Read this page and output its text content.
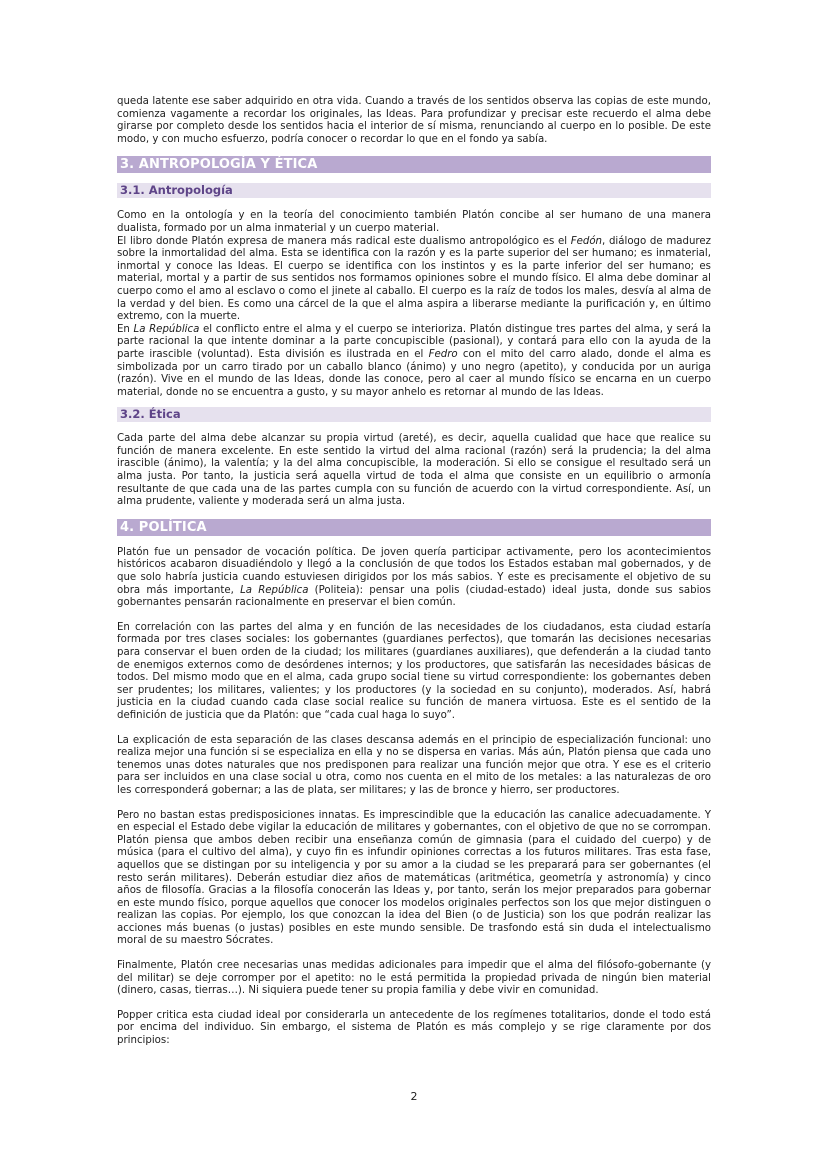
queda latente ese saber adquirido en otra vida. Cuando a través de los sentidos observa las copias de este mundo, comienza vagamente a recordar los originales, las Ideas. Para profundizar y precisar este recuerdo el alma debe girarse por completo desde los sentidos hacia el interior de sí misma, renunciando al cuerpo en lo posible. De este modo, y con mucho esfuerzo, podría conocer o recordar lo que en el fondo ya sabía.

3. ANTROPOLOGÍA Y ÉTICA
3.1. Antropología

Como en la ontología y en la teoría del conocimiento también Platón concibe al ser humano de una manera dualista, formado por un alma inmaterial y un cuerpo material.

El libro donde Platón expresa de manera más radical este dualismo antropológico es el Fedón, diálogo de madurez sobre la inmortalidad del alma. Esta se identifica con la razón y es la parte superior del ser humano; es inmaterial, inmortal y conoce las Ideas. El cuerpo se identifica con los instintos y es la parte inferior del ser humano; es material, mortal y a partir de sus sentidos nos formamos opiniones sobre el mundo físico. El alma debe dominar al cuerpo como el amo al esclavo o como el jinete al caballo. El cuerpo es la raíz de todos los males, desvía al alma de la verdad y del bien. Es como una cárcel de la que el alma aspira a liberarse mediante la purificación y, en último extremo, con la muerte.

En La República el conflicto entre el alma y el cuerpo se interioriza. Platón distingue tres partes del alma, y será la parte racional la que intente dominar a la parte concupiscible (pasional), y contará para ello con la ayuda de la parte irascible (voluntad). Esta división es ilustrada en el Fedro con el mito del carro alado, donde el alma es simbolizada por un carro tirado por un caballo blanco (ánimo) y uno negro (apetito), y conducida por un auriga (razón). Vive en el mundo de las Ideas, donde las conoce, pero al caer al mundo físico se encarna en un cuerpo material, donde no se encuentra a gusto, y su mayor anhelo es retornar al mundo de las Ideas.

3.2. Ética

Cada parte del alma debe alcanzar su propia virtud (areté), es decir, aquella cualidad que hace que realice su función de manera excelente. En este sentido la virtud del alma racional (razón) será la prudencia; la del alma irascible (ánimo), la valentía; y la del alma concupiscible, la moderación. Si ello se consigue el resultado será un alma justa. Por tanto, la justicia será aquella virtud de toda el alma que consiste en un equilibrio o armonía resultante de que cada una de las partes cumpla con su función de acuerdo con la virtud correspondiente. Así, un alma prudente, valiente y moderada será un alma justa.

4. POLÍTICA

Platón fue un pensador de vocación política. De joven quería participar activamente, pero los acontecimientos históricos acabaron disuadiéndolo y llegó a la conclusión de que todos los Estados estaban mal gobernados, y de que solo habría justicia cuando estuviesen dirigidos por los más sabios. Y este es precisamente el objetivo de su obra más importante, La República (Politeia): pensar una polis (ciudad-estado) ideal justa, donde sus sabios gobernantes pensarán racionalmente en preservar el bien común.

En correlación con las partes del alma y en función de las necesidades de los ciudadanos, esta ciudad estaría formada por tres clases sociales: los gobernantes (guardianes perfectos), que tomarán las decisiones necesarias para conservar el buen orden de la ciudad; los militares (guardianes auxiliares), que defenderán a la ciudad tanto de enemigos externos como de desórdenes internos; y los productores, que satisfarán las necesidades básicas de todos. Del mismo modo que en el alma, cada grupo social tiene su virtud correspondiente: los gobernantes deben ser prudentes; los militares, valientes; y los productores (y la sociedad en su conjunto), moderados. Así, habrá justicia en la ciudad cuando cada clase social realice su función de manera virtuosa. Este es el sentido de la definición de justicia que da Platón: que “cada cual haga lo suyo”.

La explicación de esta separación de las clases descansa además en el principio de especialización funcional: uno realiza mejor una función si se especializa en ella y no se dispersa en varias. Más aún, Platón piensa que cada uno tenemos unas dotes naturales que nos predisponen para realizar una función mejor que otra. Y ese es el criterio para ser incluidos en una clase social u otra, como nos cuenta en el mito de los metales: a las naturalezas de oro les corresponderá gobernar; a las de plata, ser militares; y las de bronce y hierro, ser productores.

Pero no bastan estas predisposiciones innatas. Es imprescindible que la educación las canalice adecuadamente. Y en especial el Estado debe vigilar la educación de militares y gobernantes, con el objetivo de que no se corrompan. Platón piensa que ambos deben recibir una enseñanza común de gimnasia (para el cuidado del cuerpo) y de música (para el cultivo del alma), y cuyo fin es infundir opiniones correctas a los futuros militares. Tras esta fase, aquellos que se distingan por su inteligencia y por su amor a la ciudad se les preparará para ser gobernantes (el resto serán militares). Deberán estudiar diez años de matemáticas (aritmética, geometría y astronomía) y cinco años de filosofía. Gracias a la filosofía conocerán las Ideas y, por tanto, serán los mejor preparados para gobernar en este mundo físico, porque aquellos que conocer los modelos originales perfectos son los que mejor distinguen o realizan las copias. Por ejemplo, los que conozcan la idea del Bien (o de Justicia) son los que podrán realizar las acciones más buenas (o justas) posibles en este mundo sensible. De trasfondo está sin duda el intelectualismo moral de su maestro Sócrates.

Finalmente, Platón cree necesarias unas medidas adicionales para impedir que el alma del filósofo-gobernante (y del militar) se deje corromper por el apetito: no le está permitida la propiedad privada de ningún bien material (dinero, casas, tierras…). Ni siquiera puede tener su propia familia y debe vivir en comunidad.

Popper critica esta ciudad ideal por considerarla un antecedente de los regímenes totalitarios, donde el todo está por encima del individuo. Sin embargo, el sistema de Platón es más complejo y se rige claramente por dos principios:

2
